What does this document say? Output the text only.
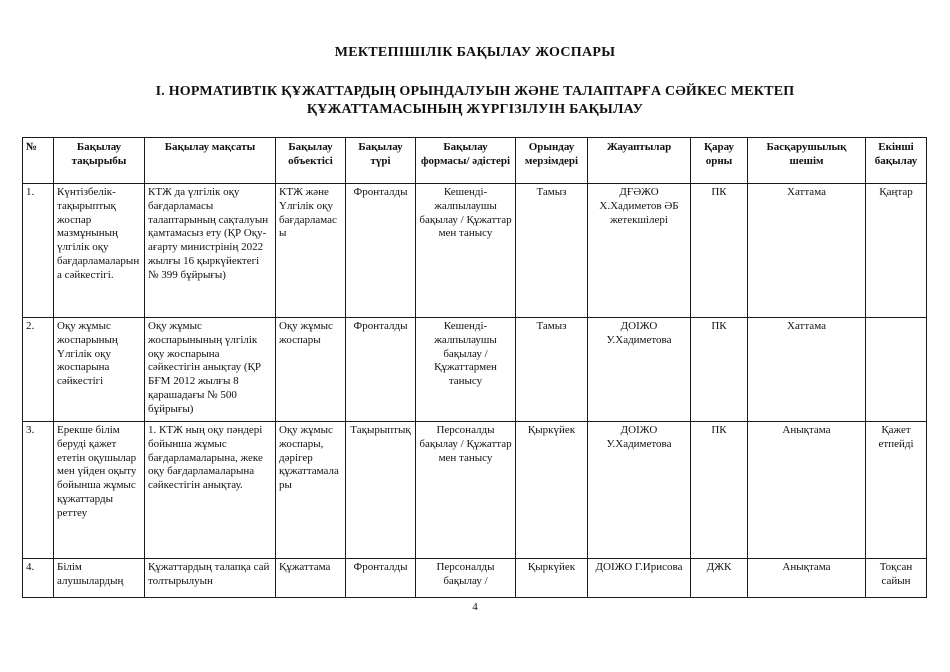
МЕКТЕПІШІЛІК БАҚЫЛАУ ЖОСПАРЫ
І. НОРМАТИВТІК ҚҰЖАТТАРДЫҢ ОРЫНДАЛУЫН ЖӘНЕ ТАЛАПТАРҒА СӘЙКЕС МЕКТЕП
ҚҰЖАТТАМАСЫНЫҢ ЖҮРГІЗІЛУІН БАҚЫЛАУ
№	Бақылау тақырыбы	Бақылау мақсаты	Бақылау объектісі	Бақылау түрі	Бақылау формасы/ әдістері	Орындау мерзімдері	Жауаптылар	Қарау орны	Басқарушылық шешім	Екінші бақылау
1.	Күнтізбелік-тақырыптық жоспар мазмұнының үлгілік оқу бағдарламаларына сәйкестігі.	КТЖ да үлгілік оқу бағдарламасы талаптарының сақталуын қамтамасыз ету (ҚР Оқу-ағарту министрінің 2022 жылғы 16 қыркүйектегі № 399 бұйрығы)	КТЖ және Үлгілік оқу бағдарламасы	Фронталды	Кешенді-жалпылаушы бақылау / Құжаттар мен танысу	Тамыз	ДҒӘЖО Х.Хадиметов ӘБ жетекшілері	ПК	Хаттама	Қаңтар
2.	Оқу жұмыс жоспарының Үлгілік оқу жоспарына сәйкестігі	Оқу жұмыс жоспарынының үлгілік оқу жоспарына сәйкестігін анықтау (ҚР БҒМ 2012 жылғы 8 қарашадағы № 500 бұйрығы)	Оқу жұмыс жоспары	Фронталды	Кешенді-жалпылаушы бақылау / Құжаттармен танысу	Тамыз	ДОІЖО У.Хадиметова	ПК	Хаттама	
3.	Ерекше білім беруді қажет ететін оқушылар мен үйден оқыту бойынша жұмыс құжаттарды реттеу	1. КТЖ ның оқу пәндері бойынша жұмыс бағдарламаларына, жеке оқу бағдарламаларына сәйкестігін анықтау.	Оқу жұмыс жоспары, дәрігер құжаттамалары	Тақырыптық	Персоналды бақылау / Құжаттар мен танысу	Қыркүйек	ДОІЖО У.Хадиметова	ПК	Анықтама	Қажет етпейді
4.	Білім алушылардың	Құжаттардың талапқа сай толтырылуын	Құжаттама	Фронталды	Персоналды бақылау /	Қыркүйек	ДОІЖО Г.Ирисова	ДЖК	Анықтама	Тоқсан сайын
4
